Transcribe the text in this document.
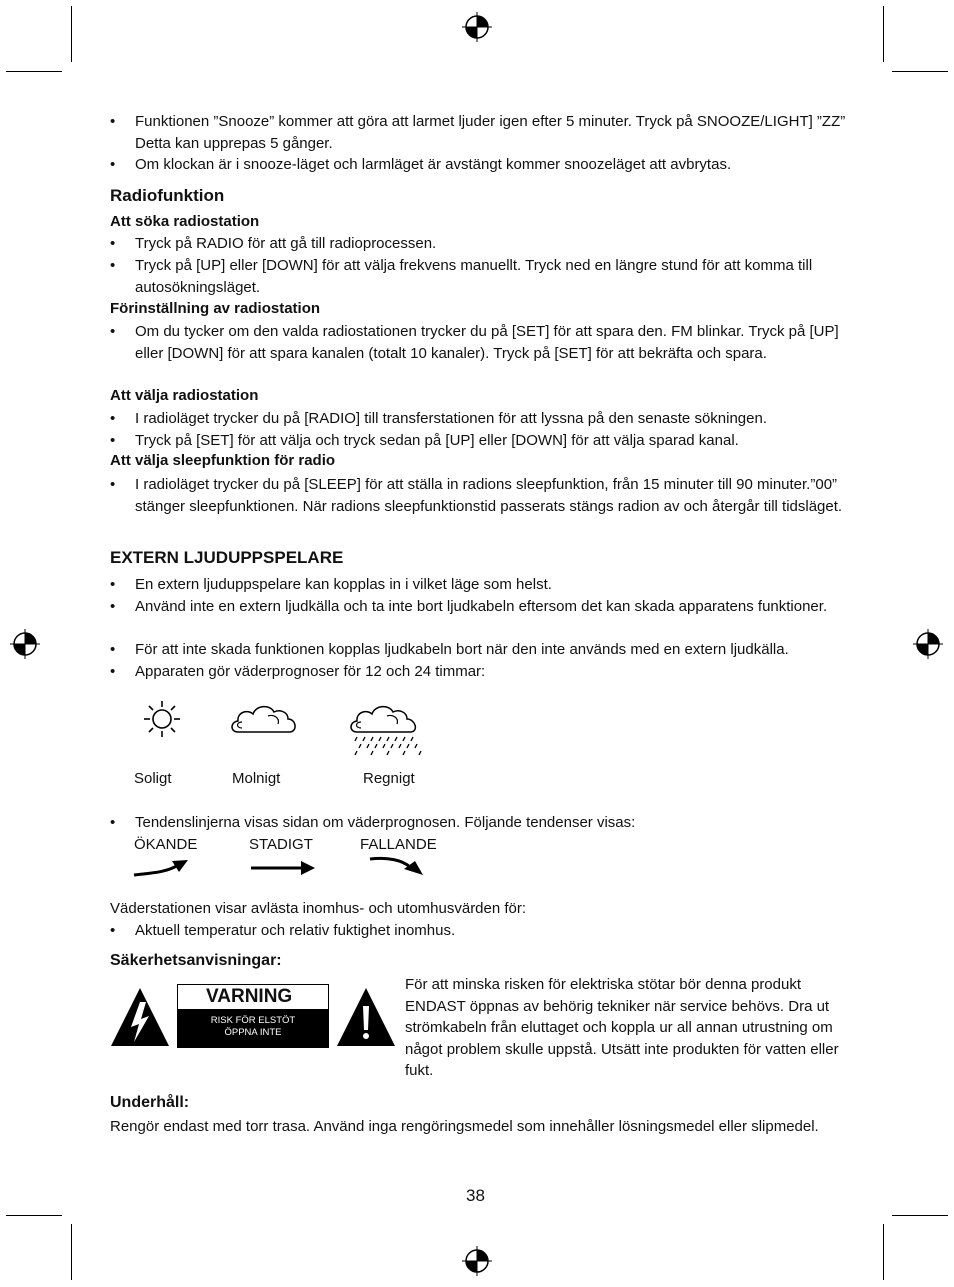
• Funktionen ”Snooze” kommer att göra att larmet ljuder igen efter 5 minuter. Tryck på SNOOZE/LIGHT] ”ZZ” Detta kan upprepas 5 gånger.
• Om klockan är i snooze-läget och larmläget är avstängt kommer snoozeläget att avbrytas.
Radiofunktion
Att söka radiostation
• Tryck på RADIO för att gå till radioprocessen.
• Tryck på [UP] eller [DOWN] för att välja frekvens manuellt. Tryck ned en längre stund för att komma till autosökningsläget.
Förinställning av radiostation
• Om du tycker om den valda radiostationen trycker du på [SET] för att spara den. FM blinkar. Tryck på [UP] eller [DOWN] för att spara kanalen (totalt 10 kanaler). Tryck på [SET] för att bekräfta och spara.
Att välja radiostation
• I radioläget trycker du på [RADIO] till transferstationen för att lyssna på den senaste sökningen.
• Tryck på [SET] för att välja och tryck sedan på [UP] eller [DOWN] för att välja sparad kanal.
Att välja sleepfunktion för radio
• I radioläget trycker du på [SLEEP] för att ställa in radions sleepfunktion, från 15 minuter till 90 minuter.”00” stänger sleepfunktionen. När radions sleepfunktionstid passerats stängs radion av och återgår till tidsläget.
EXTERN LJUDUPPSPELARE
• En extern ljuduppspelare kan kopplas in i vilket läge som helst.
• Använd inte en extern ljudkälla och ta inte bort ljudkabeln eftersom det kan skada apparatens funktioner.
• För att inte skada funktionen kopplas ljudkabeln bort när den inte används med en extern ljudkälla.
• Apparaten gör väderprognoser för 12 och 24 timmar:
Soligt	Molnigt	Regnigt
• Tendenslinjerna visas sidan om väderprognosen. Följande tendenser visas:
ÖKANDE	STADIGT	FALLANDE
Väderstationen visar avlästa inomhus- och utomhusvärden för:
• Aktuell temperatur och relativ fuktighet inomhus.
Säkerhetsanvisningar:
VARNING
RISK FÖR ELSTÖT
ÖPPNA INTE
För att minska risken för elektriska stötar bör denna produkt ENDAST öppnas av behörig tekniker när service behövs. Dra ut strömkabeln från eluttaget och koppla ur all annan utrustning om något problem skulle uppstå. Utsätt inte produkten för vatten eller fukt.
Underhåll:
Rengör endast med torr trasa. Använd inga rengöringsmedel som innehåller lösningsmedel eller slipmedel.
38
